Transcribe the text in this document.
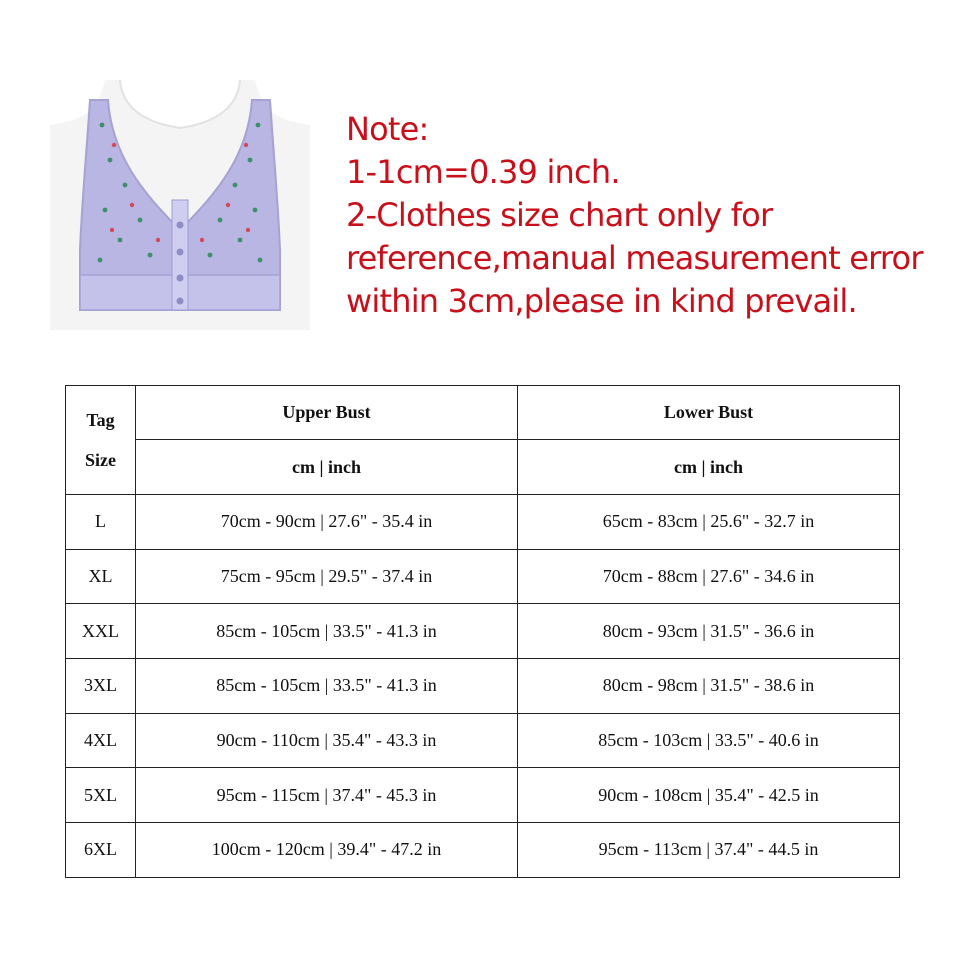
Note:
1-1cm=0.39 inch.
2-Clothes size chart only for
reference,manual measurement error
within 3cm,please in kind prevail.
Tag
Size	Upper Bust	Lower Bust
	cm | inch	cm | inch
L	70cm - 90cm | 27.6" - 35.4 in	65cm - 83cm | 25.6" - 32.7 in
XL	75cm - 95cm | 29.5" - 37.4 in	70cm - 88cm | 27.6" - 34.6 in
XXL	85cm - 105cm | 33.5" - 41.3 in	80cm - 93cm | 31.5" - 36.6 in
3XL	85cm - 105cm | 33.5" - 41.3 in	80cm - 98cm | 31.5" - 38.6 in
4XL	90cm - 110cm | 35.4" - 43.3 in	85cm - 103cm | 33.5" - 40.6 in
5XL	95cm - 115cm | 37.4" - 45.3 in	90cm - 108cm | 35.4" - 42.5 in
6XL	100cm - 120cm | 39.4" - 47.2 in	95cm - 113cm | 37.4" - 44.5 in
